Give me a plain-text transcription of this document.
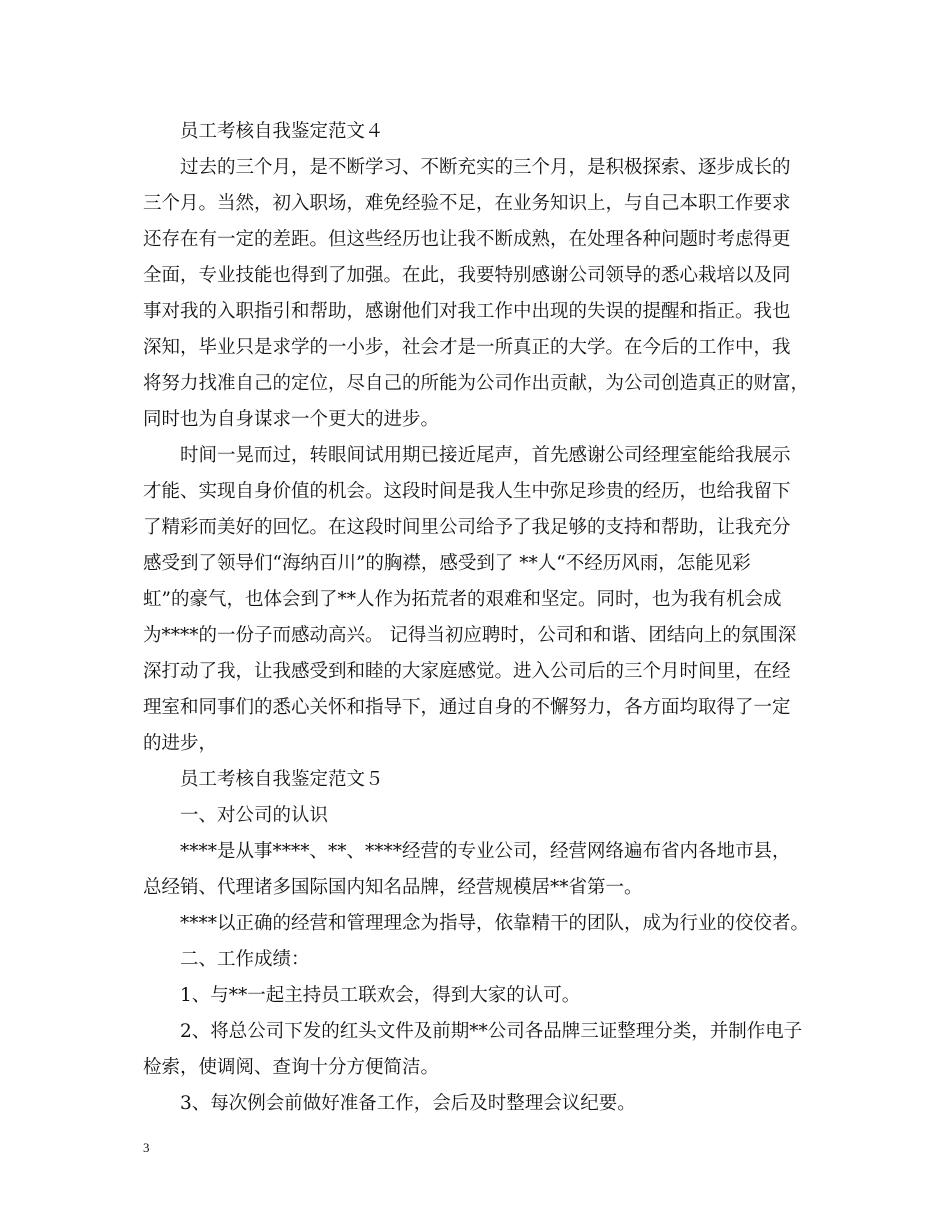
员工考核自我鉴定范文４
过去的三个月，是不断学习、不断充实的三个月，是积极探索、逐步成长的
三个月。当然，初入职场，难免经验不足，在业务知识上，与自己本职工作要求
还存在有一定的差距。但这些经历也让我不断成熟，在处理各种问题时考虑得更
全面，专业技能也得到了加强。在此，我要特别感谢公司领导的悉心栽培以及同
事对我的入职指引和帮助，感谢他们对我工作中出现的失误的提醒和指正。我也
深知，毕业只是求学的一小步，社会才是一所真正的大学。在今后的工作中，我
将努力找准自己的定位，尽自己的所能为公司作出贡献，为公司创造真正的财富，
同时也为自身谋求一个更大的进步。
时间一晃而过，转眼间试用期已接近尾声，首先感谢公司经理室能给我展示
才能、实现自身价值的机会。这段时间是我人生中弥足珍贵的经历，也给我留下
了精彩而美好的回忆。在这段时间里公司给予了我足够的支持和帮助，让我充分
感受到了领导们“海纳百川”的胸襟，感受到了 **人“不经历风雨，怎能见彩
虹”的豪气，也体会到了**人作为拓荒者的艰难和坚定。同时，也为我有机会成
为****的一份子而感动高兴。 记得当初应聘时，公司和和谐、团结向上的氛围深
深打动了我，让我感受到和睦的大家庭感觉。进入公司后的三个月时间里，在经
理室和同事们的悉心关怀和指导下，通过自身的不懈努力，各方面均取得了一定
的进步，
员工考核自我鉴定范文５
一、对公司的认识
****是从事****、**、****经营的专业公司，经营网络遍布省内各地市县，
总经销、代理诸多国际国内知名品牌，经营规模居**省第一。
****以正确的经营和管理理念为指导，依靠精干的团队，成为行业的佼佼者。
二、工作成绩：
1、与**一起主持员工联欢会，得到大家的认可。
2、将总公司下发的红头文件及前期**公司各品牌三证整理分类，并制作电子
检索，使调阅、查询十分方便简洁。
3、每次例会前做好准备工作，会后及时整理会议纪要。
3
